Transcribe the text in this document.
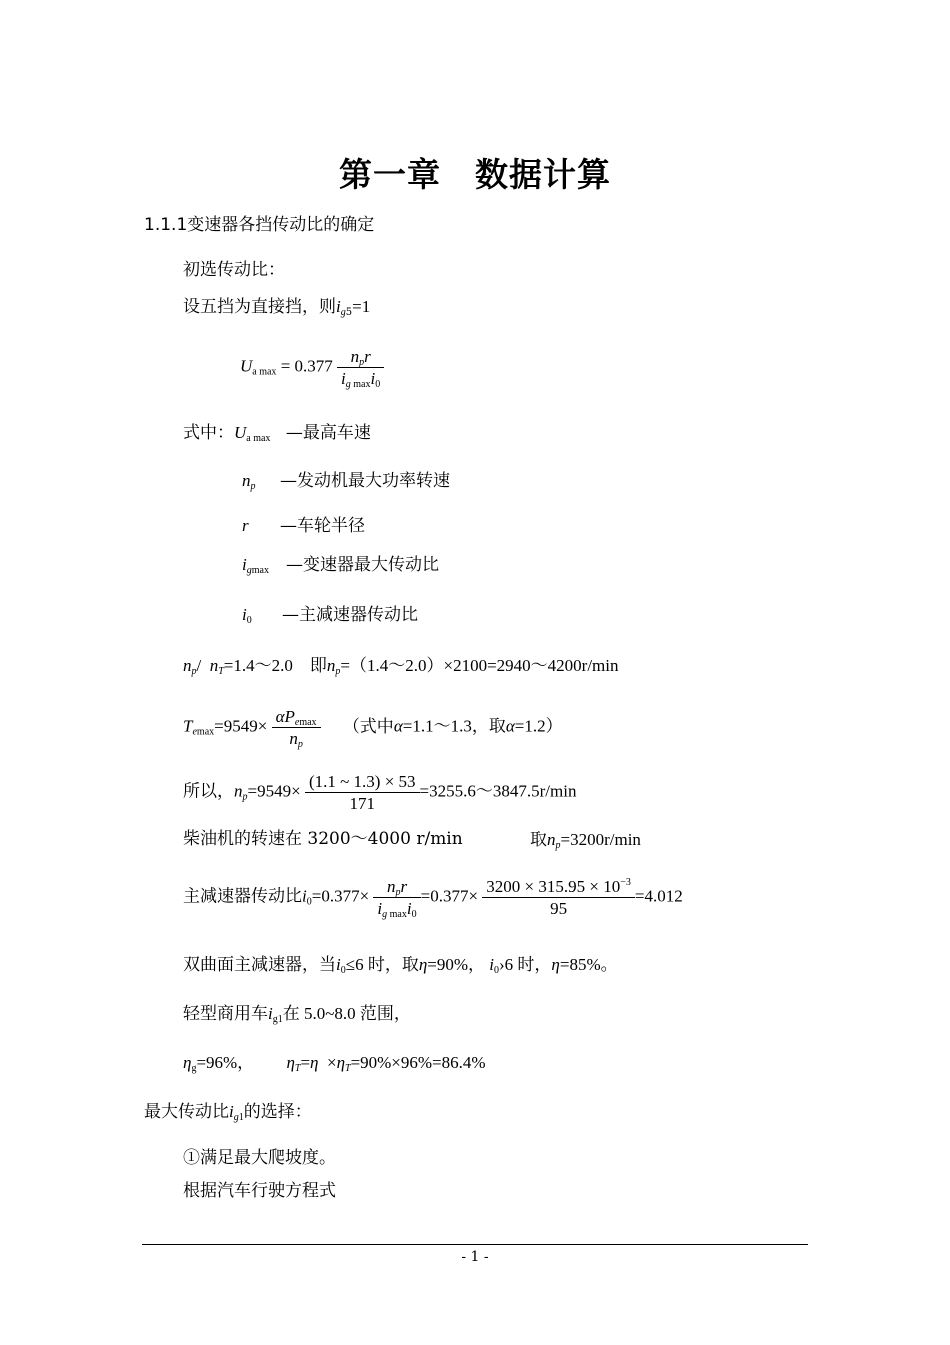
第一章　数据计算
1.1.1变速器各挡传动比的确定
初选传动比：
设五挡为直接挡，则$i_{g5}=1$
$U_{a max} = 0.377 \frac{n_pr}{i_{g max}i_0}$
式中：$U_{a max}$ —最高车速
$n_p$ —发动机最大功率转速
r —车轮半径
$i_{gmax}$ —变速器最大传动比
$i_0$ —主减速器传动比
$n_p/$  $n_T=1.4\sim 2.0$　即$n_p=(1.4\sim 2.0)\times 2100=2940\sim 4200r/\min$
$T_{emax}=9549\times \frac{\alpha P_{emax}}{n_p}$ （式中α=1.1～1.3，取α=1.2）
所以，$n_p=9549\times \frac{(1.1 \sim 1.3) \times 53}{171}$ =3255.6～3847.5r/min
柴油机的转速在 3200～4000 r/min	取$n_p=3200r/\min$
主减速器传动比$i_0=0.377\times \frac{n_pr}{i_{g max}i_0} =0.377\times \frac{3200 \times 315.95 \times 10^{-3}}{95} =4.012$
双曲面主减速器，当$i_0\le 6$ 时，取η=90%， $i_0›6$ 时，η=85%。
轻型商用车$i_{g1}$在 5.0~8.0 范围，
$\eta_g=96\%$， $\eta_T=\eta \times\eta_T=90\%\times 96\%=86.4\%$
最大传动比$i_{g1}$的选择：
①满足最大爬坡度。
根据汽车行驶方程式
- 1 -
